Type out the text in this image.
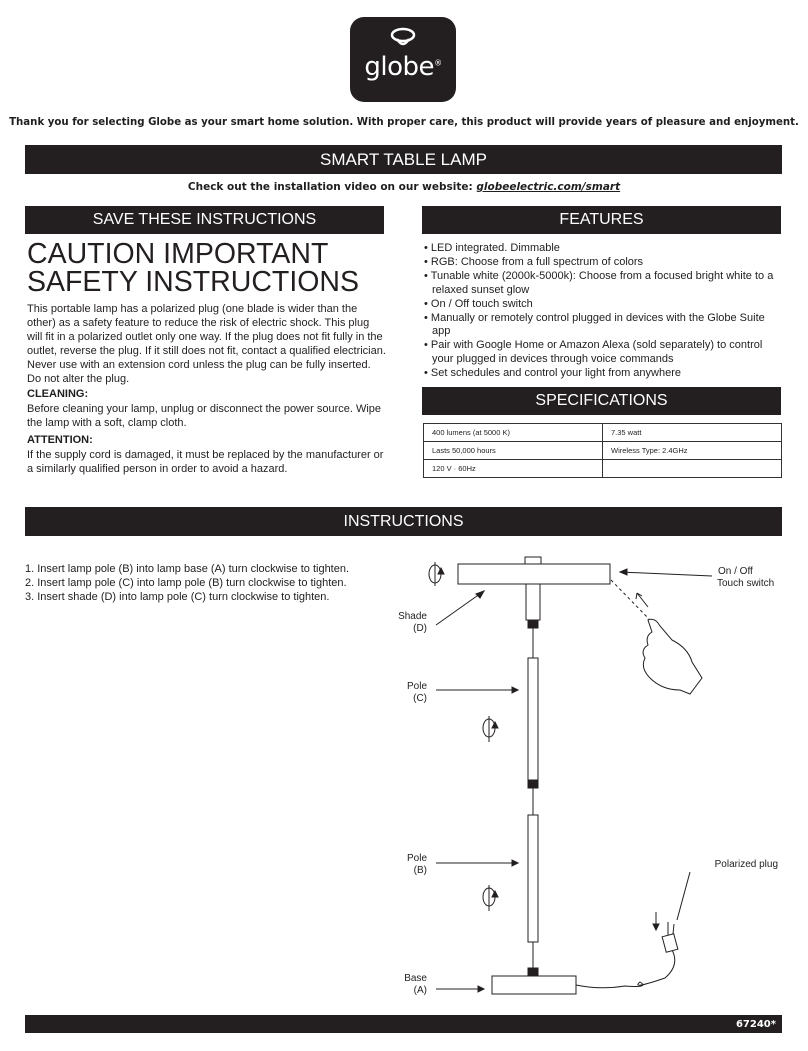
globe®
Thank you for selecting Globe as your smart home solution. With proper care, this product will provide years of pleasure and enjoyment.
SMART TABLE LAMP
Check out the installation video on our website: globeelectric.com/smart
SAVE THESE INSTRUCTIONS	FEATURES
CAUTION IMPORTANT
SAFETY INSTRUCTIONS
This portable lamp has a polarized plug (one blade is wider than the other) as a safety feature to reduce the risk of electric shock. This plug will fit in a polarized outlet only one way. If the plug does not fit fully in the outlet, reverse the plug. If it still does not fit, contact a qualified electrician. Never use with an extension cord unless the plug can be fully inserted. Do not alter the plug.
CLEANING:
Before cleaning your lamp, unplug or disconnect the power source. Wipe the lamp with a soft, clamp cloth.
ATTENTION:
If the supply cord is damaged, it must be replaced by the manufacturer or a similarly qualified person in order to avoid a hazard.
• LED integrated. Dimmable
• RGB: Choose from a full spectrum of colors
• Tunable white (2000k-5000k): Choose from a focused bright white to a relaxed sunset glow
• On / Off touch switch
• Manually or remotely control plugged in devices with the Globe Suite app
• Pair with Google Home or Amazon Alexa (sold separately) to control your plugged in devices through voice commands
• Set schedules and control your light from anywhere
SPECIFICATIONS
400 lumens (at 5000 K)	7.35 watt
Lasts 50,000 hours	Wireless Type: 2.4GHz
120 V · 60Hz	
INSTRUCTIONS
1. Insert lamp pole (B) into lamp base (A) turn clockwise to tighten.
2. Insert lamp pole (C) into lamp pole (B) turn clockwise to tighten.
3. Insert shade (D) into lamp pole (C) turn clockwise to tighten.
Shade
(D)
Pole
(C)
Pole
(B)
Base
(A)
On / Off
Touch switch
Polarized plug
67240*
